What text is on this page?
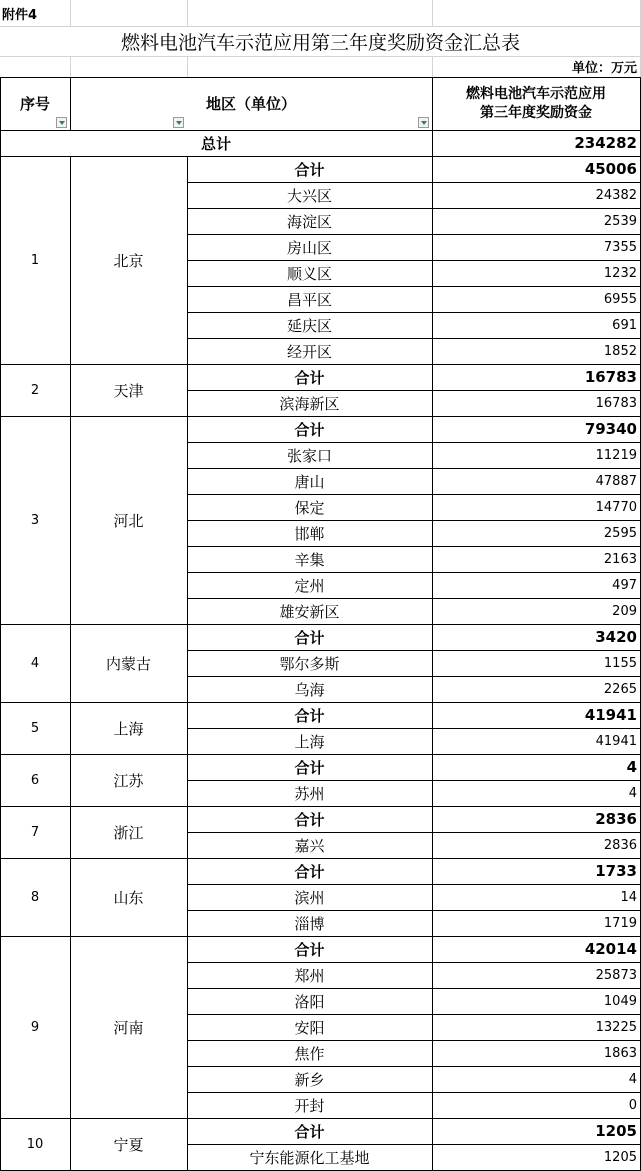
附件4
燃料电池汽车示范应用第三年度奖励资金汇总表
单位：万元
序号	地区（单位）
燃料电池汽车示范应用
第三年度奖励资金
总计	234282
1	北京
合计	45006
大兴区	24382
海淀区	2539
房山区	7355
顺义区	1232
昌平区	6955
延庆区	691
经开区	1852
2	天津
合计	16783
滨海新区	16783
3	河北
合计	79340
张家口	11219
唐山	47887
保定	14770
邯郸	2595
辛集	2163
定州	497
雄安新区	209
4	内蒙古
合计	3420
鄂尔多斯	1155
乌海	2265
5	上海
合计	41941
上海	41941
6	江苏
合计	4
苏州	4
7	浙江
合计	2836
嘉兴	2836
8	山东
合计	1733
滨州	14
淄博	1719
9	河南
合计	42014
郑州	25873
洛阳	1049
安阳	13225
焦作	1863
新乡	4
开封	0
10	宁夏
合计	1205
宁东能源化工基地	1205
